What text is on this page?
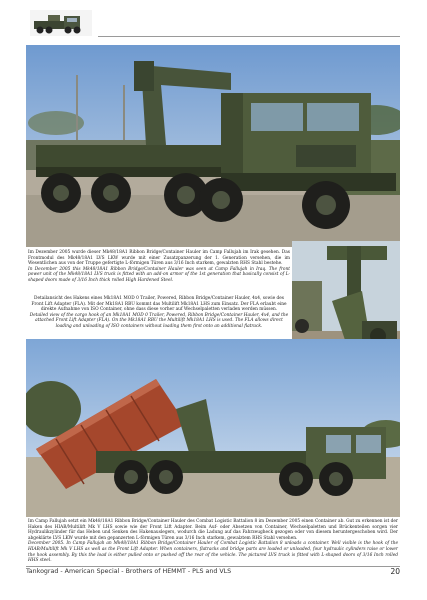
Im Dezember 2005 wurde dieser Mk48/18A1 Ribbon Bridge/Container Hauler im Camp Fallujah im Irak gesehen. Das Frontmodul des Mk48/18A1 LVS LKW wurde mit einer Zusatzpanzerung der 1. Generation versehen, die im Wesentlichen aus von der Truppe gefertigte L-förmigen Türen aus 3/16 Inch starkem, gewalzten RHS Stahl bestehe.

In December 2005 this Mk48/18A1 Ribbon Bridge/Container Hauler was seen at Camp Fallujah in Iraq. The front power unit of the Mk48/18A1 LVS truck is fitted with an add-on armor of the 1st generation that basically consist of L-shaped doors made of 3/16 Inch thick rolled High Hardened Steel.

Detailansicht des Hakens eines Mk18A1 MOD 0 Trailer, Powered, Ribbon Bridge/Container Hauler, 4x4, sowie des Front Lift Adapter (FLA). Mit der Mk18A1 RBU kommt das Multilift Mk18A1 LHS zum Einsatz. Der FLA erlaubt eine direkte Aufnahme von ISO Container, ohne dass diese vorher auf Wechselpaletten verladen werden müssen.

Detailed view of the cargo hook of an Mk18A1 MOD 0 Trailer, Powered, Ribbon Bridge/Container Hauler, 4x4, and the attached Front Lift Adapter (FLA). On the Mk18A1 RBU the Multilift Mk18A1 LHS is used. The FLA allows direct loading and unloading of ISO containers without loading them first onto an additional flatrack.

Im Camp Fallujah setzt ein Mk48/18A1 Ribbon Bridge/Container Hauler des Combat Logistic Battalion 8 im Dezember 2005 einen Container ab. Gut zu erkennen ist der Haken des HIAB/Multilift Mk V LHS sowie wie der Front Lift Adapter. Beim Auf- oder Absetzen von Container, Wechselpaletten und Brückenteilen sorgen vier Hydraulikzylinder für das Heben und Senken des Hakenauslegers, wodurch die Ladung auf das Fahrzeugheck gezogen oder von diesem heruntergeschoben wird. Der abgeklärte LVS LKW wurde mit den gepanzerten L-förmigen Türen aus 3/16 Inch starkem, gewalztem RHS Stahl versehen.

December 2005. In Camp Fallujah an Mk48/18A1 Ribbon Bridge/Container Hauler of Combat Logistic Battalion 8 unloads a container. Well visible is the hook of the HIAB/Multilift Mk V LHS as well as the Front Lift Adapter. When containers, flatracks and bridge parts are loaded or unloaded, four hydraulic cylinders raise or lower the hook assembly. By this the load is either pulled onto or pushed off the rear of the vehicle. The pictured LVS truck is fitted with L-shaped doors of 3/16 Inch rolled HHS steel.

Tankograd - American Special - Brothers of HEMMT - PLS and VLS	20
